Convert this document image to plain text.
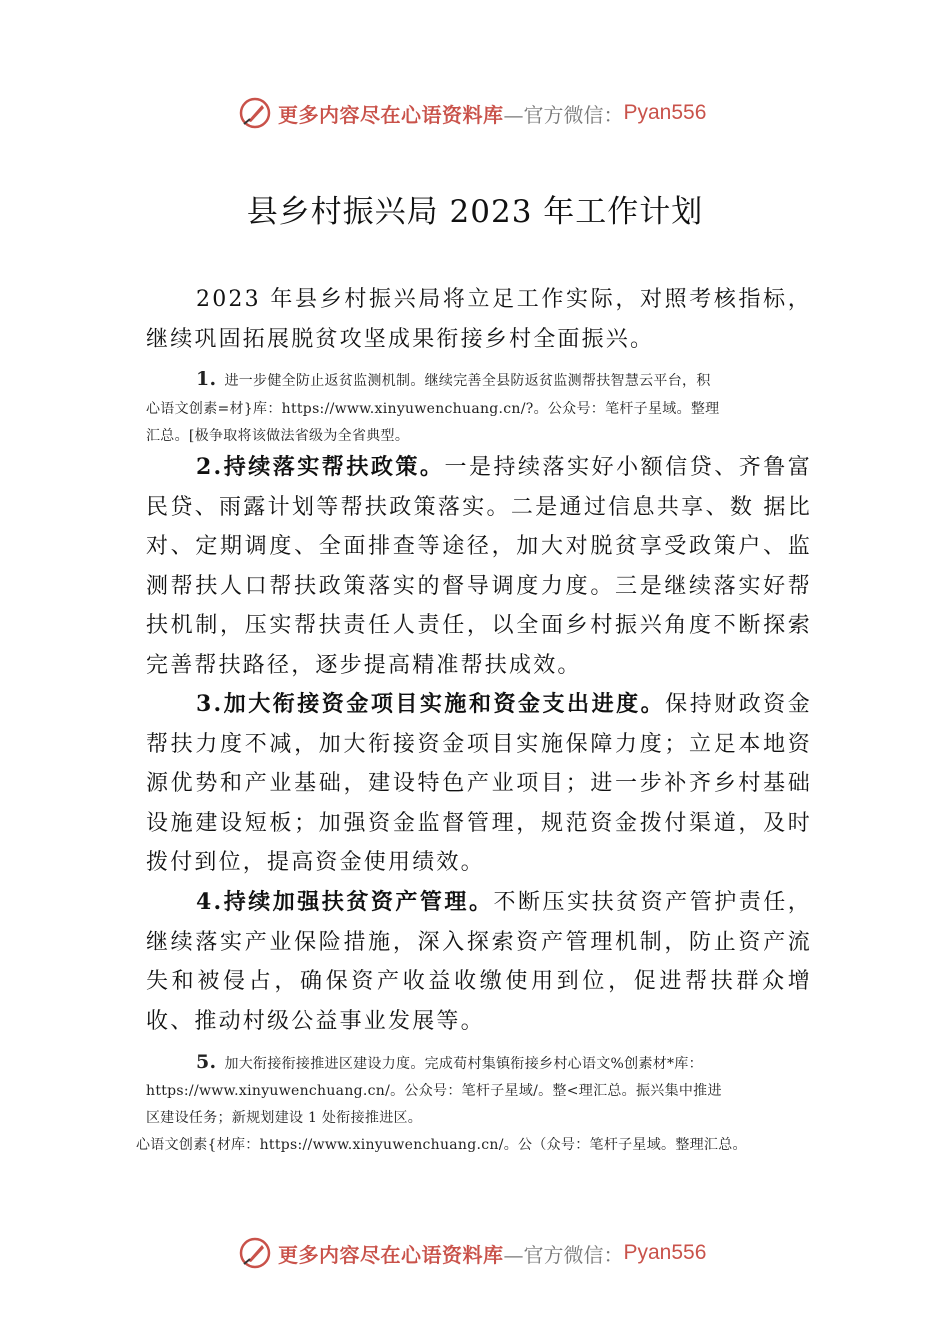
更多内容尽在心语资料库 —官方微信： Pyan556
县乡村振兴局 2023 年工作计划
2023 年县乡村振兴局将立足工作实际，对照考核指标，继续巩固拓展脱贫攻坚成果衔接乡村全面振兴。
1. 进一步健全防止返贫监测机制。继续完善全县防返贫监测帮扶智慧云平台，积
心语文创素=材}库：https://www.xinyuwenchuang.cn/?。公众号：笔杆子星域。整理
汇总。[极争取将该做法省级为全省典型。
2.持续落实帮扶政策。一是持续落实好小额信贷、齐鲁富民贷、雨露计划等帮扶政策落实。二是通过信息共享、数 据比对、定期调度、全面排查等途径，加大对脱贫享受政策户、监测帮扶人口帮扶政策落实的督导调度力度。三是继续落实好帮扶机制，压实帮扶责任人责任，以全面乡村振兴角度不断探索完善帮扶路径，逐步提高精准帮扶成效。
3.加大衔接资金项目实施和资金支出进度。保持财政资金帮扶力度不减，加大衔接资金项目实施保障力度；立足本地资源优势和产业基础，建设特色产业项目；进一步补齐乡村基础设施建设短板；加强资金监督管理，规范资金拨付渠道，及时拨付到位，提高资金使用绩效。
4.持续加强扶贫资产管理。不断压实扶贫资产管护责任，继续落实产业保险措施，深入探索资产管理机制，防止资产流失和被侵占，确保资产收益收缴使用到位，促进帮扶群众增收、推动村级公益事业发展等。
5. 加大衔接衔接推进区建设力度。完成荀村集镇衔接乡村心语文%创素材*库：
https://www.xinyuwenchuang.cn/。公众号：笔杆子星域/。整<理汇总。振兴集中推进
区建设任务；新规划建设 1 处衔接推进区。
心语文创素{材库：https://www.xinyuwenchuang.cn/。公（众号：笔杆子星域。整理汇总。
更多内容尽在心语资料库 —官方微信： Pyan556
